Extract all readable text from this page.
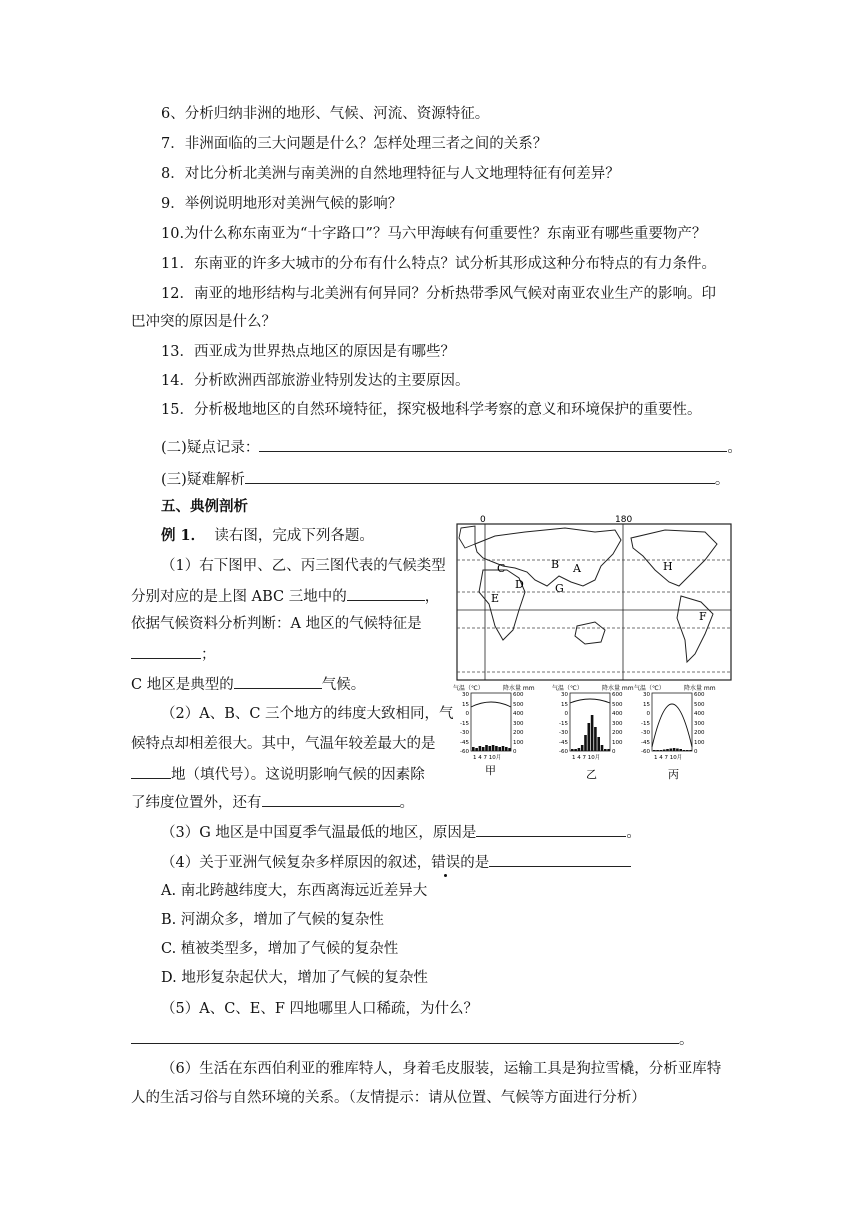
6、分析归纳非洲的地形、气候、河流、资源特征。
7．非洲面临的三大问题是什么？怎样处理三者之间的关系？
8．对比分析北美洲与南美洲的自然地理特征与人文地理特征有何差异？
9．举例说明地形对美洲气候的影响？
10.为什么称东南亚为“十字路口”？马六甲海峡有何重要性？东南亚有哪些重要物产？
11．东南亚的许多大城市的分布有什么特点？试分析其形成这种分布特点的有力条件。
12．南亚的地形结构与北美洲有何异同？分析热带季风气候对南亚农业生产的影响。印
巴冲突的原因是什么？
13．西亚成为世界热点地区的原因是有哪些？
14．分析欧洲西部旅游业特别发达的主要原因。
15．分析极地地区的自然环境特征，探究极地科学考察的意义和环境保护的重要性。
(二)疑点记录：	。
(三)疑难解析	。
五、典例剖析
例 1． 读右图，完成下列各题。
（1）右下图甲、乙、丙三图代表的气候类型
分别对应的是上图 ABC 三地中的	，
依据气候资料分析判断：A 地区的气候特征是
；
C 地区是典型的	气候。
（2）A、B、C 三个地方的纬度大致相同，气
候特点却相差很大。其中，气温年较差最大的是
地（填代号）。这说明影响气候的因素除
了纬度位置外，还有	。
（3）G 地区是中国夏季气温最低的地区，原因是	。
（4）关于亚洲气候复杂多样原因的叙述，错误的是
A. 南北跨越纬度大，东西离海远近差异大
B. 河湖众多，增加了气候的复杂性
C. 植被类型多，增加了气候的复杂性
D. 地形复杂起伏大，增加了气候的复杂性
（5）A、C、E、F 四地哪里人口稀疏，为什么？
。
（6）生活在东西伯利亚的雅库特人，身着毛皮服装，运输工具是狗拉雪橇，分析亚库特
人的生活习俗与自然环境的关系。（友情提示：请从位置、气候等方面进行分析）
0	180
B A
C
D
E
G
H
F
气温（℃）	降水量 mm
30
15
0
-15
-30
-45
-60
600
500
400
300
200
100
0
1 4 7 10月
甲
气温（℃）	降水量 mm
30
15
0
-15
-30
-45
-60
600
500
400
300
200
100
0
1 4 7 10月
乙
气温（℃）	降水量 mm
30
15
0
-15
-30
-45
-60
600
500
400
300
200
100
0
1 4 7 10月
丙
